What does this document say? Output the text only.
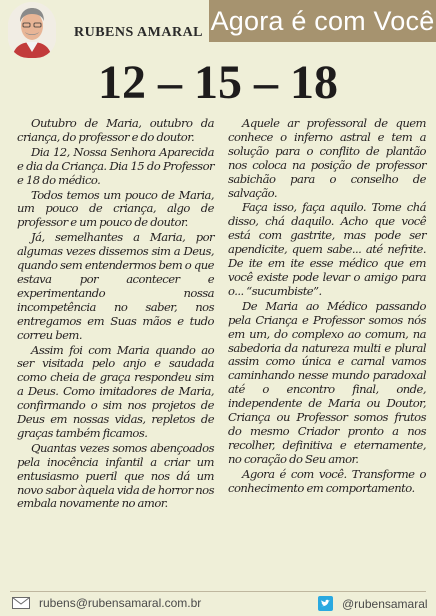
RUBENS AMARAL Agora é com Você
12 – 15 – 18

Outubro de Maria, outubro da criança, do professor e do doutor.

Dia 12, Nossa Senhora Aparecida e dia da Criança. Dia 15 do Professor e 18 do médico.

Todos temos um pouco de Maria, um pouco de criança, algo de professor e um pouco de doutor.

Já, semelhantes a Maria, por algumas vezes dissemos sim a Deus, quando sem entendermos bem o que estava por acontecer e experimentando nossa incompetência no saber, nos entregamos em Suas mãos e tudo correu bem.

Assim foi com Maria quando ao ser visitada pelo anjo e saudada como cheia de graça respondeu sim a Deus. Como imitadores de Maria, confirmando o sim nos projetos de Deus em nossas vidas, repletos de graças também ficamos.

Quantas vezes somos abençoados pela inocência infantil a criar um entusiasmo pueril que nos dá um novo sabor àquela vida de horror nos embala novamente no amor.

Aquele ar professoral de quem conhece o inferno astral e tem a solução para o conflito de plantão nos coloca na posição de professor sabichão para o conselho de salvação.

Faça isso, faça aquilo. Tome chá disso, chá daquilo. Acho que você está com gastrite, mas pode ser apendicite, quem sabe... até nefrite. De ite em ite esse médico que em você existe pode levar o amigo para o... “sucumbiste”.

De Maria ao Médico passando pela Criança e Professor somos nós em um, do complexo ao comum, na sabedoria da natureza multi e plural assim como única e carnal vamos caminhando nesse mundo paradoxal até o encontro final, onde, independente de Maria ou Doutor, Criança ou Professor somos frutos do mesmo Criador pronto a nos recolher, definitiva e eternamente, no coração do Seu amor.

Agora é com você. Transforme o conhecimento em comportamento.

rubens@rubensamaral.com.br	@rubensamaral
